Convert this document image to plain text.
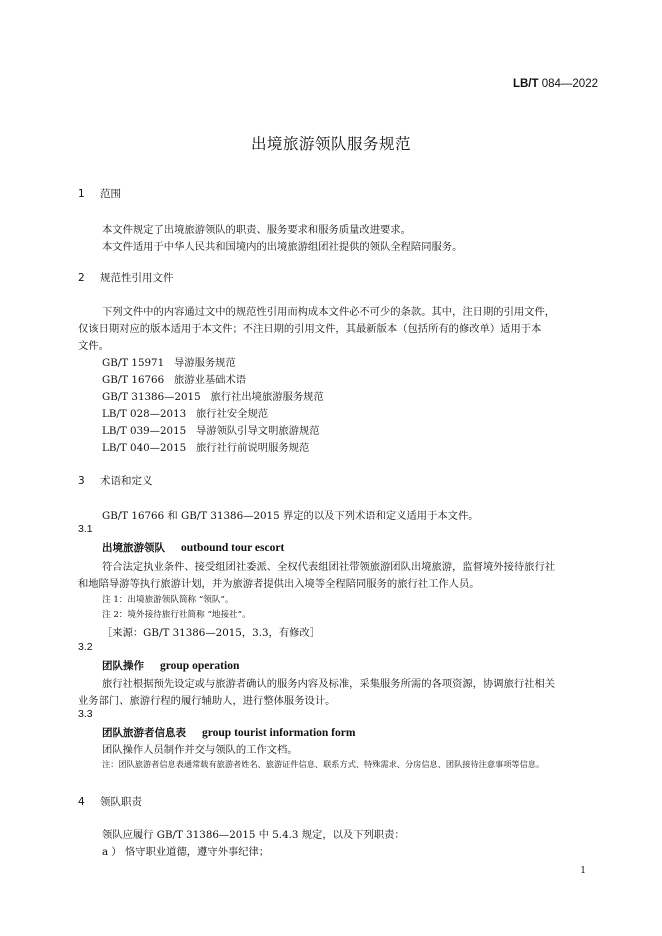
LB/T 084—2022
出境旅游领队服务规范
1 范围
本文件规定了出境旅游领队的职责、服务要求和服务质量改进要求。
本文件适用于中华人民共和国境内的出境旅游组团社提供的领队全程陪同服务。
2 规范性引用文件
下列文件中的内容通过文中的规范性引用而构成本文件必不可少的条款。其中，注日期的引用文件，
仅该日期对应的版本适用于本文件；不注日期的引用文件，其最新版本（包括所有的修改单）适用于本
文件。
GB/T 15971 导游服务规范
GB/T 16766 旅游业基础术语
GB/T 31386—2015 旅行社出境旅游服务规范
LB/T 028—2013 旅行社安全规范
LB/T 039—2015 导游领队引导文明旅游规范
LB/T 040—2015 旅行社行前说明服务规范
3 术语和定义
GB/T 16766 和 GB/T 31386—2015 界定的以及下列术语和定义适用于本文件。
3.1
出境旅游领队 outbound tour escort
符合法定执业条件、接受组团社委派、全权代表组团社带领旅游团队出境旅游，监督境外接待旅行社
和地陪导游等执行旅游计划，并为旅游者提供出入境等全程陪同服务的旅行社工作人员。
注 1：出境旅游领队简称 “领队”。
注 2：境外接待旅行社简称 “地接社”。
［来源：GB/T 31386—2015，3.3，有修改］
3.2
团队操作 group operation
旅行社根据预先设定或与旅游者确认的服务内容及标准，采集服务所需的各项资源，协调旅行社相关
业务部门、旅游行程的履行辅助人，进行整体服务设计。
3.3
团队旅游者信息表 group tourist information form
团队操作人员制作并交与领队的工作文档。
注：团队旅游者信息表通常载有旅游者姓名、旅游证件信息、联系方式、特殊需求、分房信息、团队接待注意事项等信息。
4 领队职责
领队应履行 GB/T 31386—2015 中 5.4.3 规定，以及下列职责：
a ） 恪守职业道德，遵守外事纪律；
1
